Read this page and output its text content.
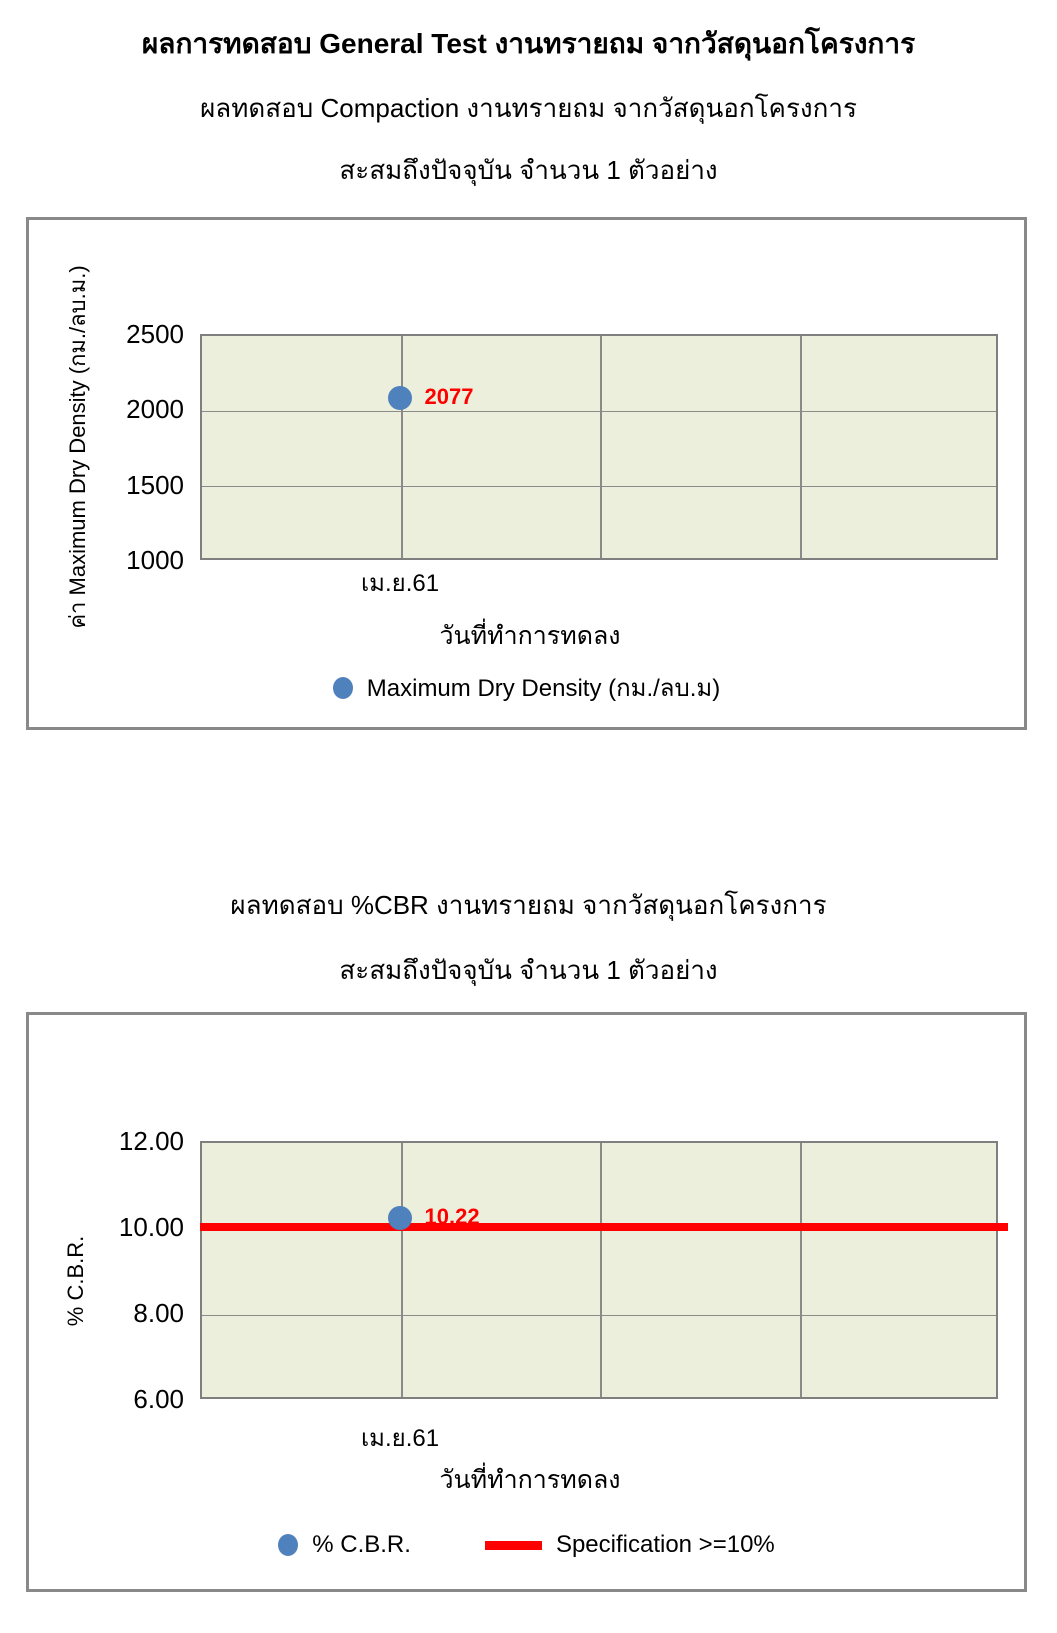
ผลการทดสอบ General Test งานทรายถม จากวัสดุนอกโครงการ
ผลทดสอบ Compaction งานทรายถม จากวัสดุนอกโครงการ
สะสมถึงปัจจุบัน จำนวน 1 ตัวอย่าง
ค่า Maximum Dry Density (กม./ลบ.ม.)	เม.ย.61
วันที่ทำการทดลง
Maximum Dry Density (กม./ลบ.ม)
2500
2000
1500
1000
2077
ผลทดสอบ %CBR งานทรายถม จากวัสดุนอกโครงการ
สะสมถึงปัจจุบัน จำนวน 1 ตัวอย่าง
% C.B.R.
เม.ย.61
วันที่ทำการทดลง
% C.B.R.	Specification >=10%
12.00
10.00
8.00
6.00
10.22
